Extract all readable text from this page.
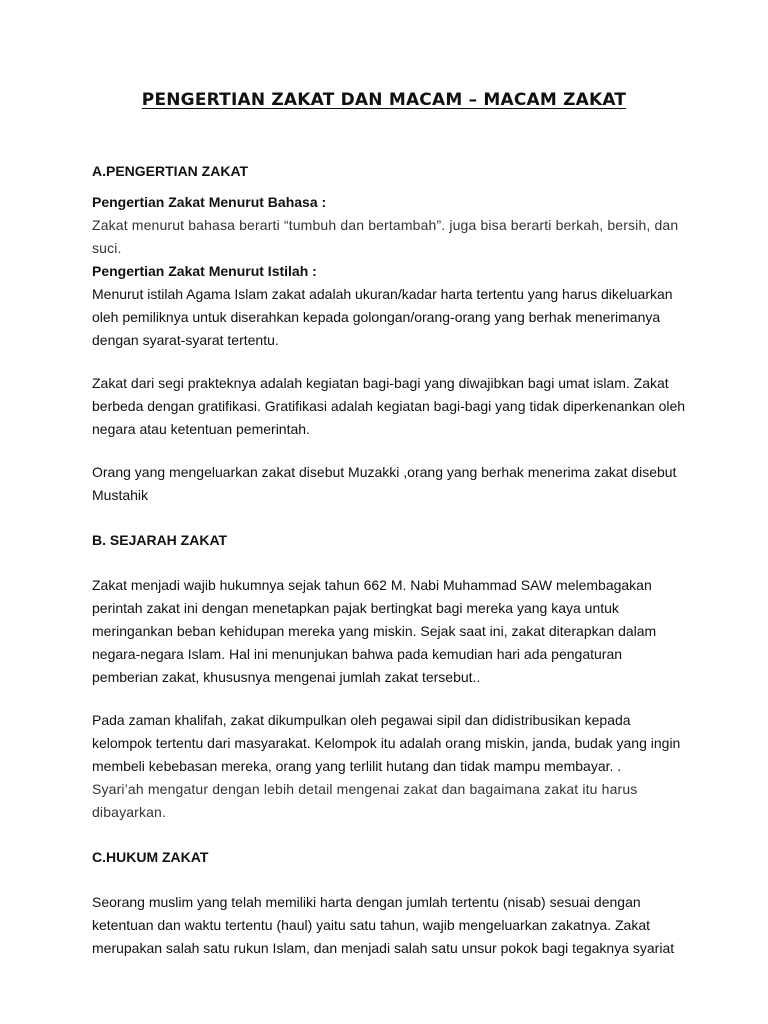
PENGERTIAN ZAKAT DAN MACAM – MACAM ZAKAT
A.PENGERTIAN ZAKAT

Pengertian Zakat Menurut Bahasa :

Zakat menurut bahasa berarti “tumbuh dan bertambah”. juga bisa berarti berkah, bersih, dan suci.

Pengertian Zakat Menurut Istilah :

Menurut istilah Agama Islam zakat adalah ukuran/kadar harta tertentu yang harus dikeluarkan oleh pemiliknya untuk diserahkan kepada golongan/orang-orang yang berhak menerimanya dengan syarat-syarat tertentu.

Zakat dari segi prakteknya adalah kegiatan bagi-bagi yang diwajibkan bagi umat islam. Zakat berbeda dengan gratifikasi. Gratifikasi adalah kegiatan bagi-bagi yang tidak diperkenankan oleh negara atau ketentuan pemerintah.

Orang yang mengeluarkan zakat disebut Muzakki ,orang yang berhak menerima zakat disebut Mustahik

B. SEJARAH ZAKAT

Zakat menjadi wajib hukumnya sejak tahun 662 M. Nabi Muhammad SAW melembagakan perintah zakat ini dengan menetapkan pajak bertingkat bagi mereka yang kaya untuk meringankan beban kehidupan mereka yang miskin. Sejak saat ini, zakat diterapkan dalam negara-negara Islam. Hal ini menunjukan bahwa pada kemudian hari ada pengaturan pemberian zakat, khususnya mengenai jumlah zakat tersebut..

Pada zaman khalifah, zakat dikumpulkan oleh pegawai sipil dan didistribusikan kepada kelompok tertentu dari masyarakat. Kelompok itu adalah orang miskin, janda, budak yang ingin membeli kebebasan mereka, orang yang terlilit hutang dan tidak mampu membayar. .

Syari’ah mengatur dengan lebih detail mengenai zakat dan bagaimana zakat itu harus dibayarkan.

C.HUKUM ZAKAT

Seorang muslim yang telah memiliki harta dengan jumlah tertentu (nisab) sesuai dengan ketentuan dan waktu tertentu (haul) yaitu satu tahun, wajib mengeluarkan zakatnya. Zakat merupakan salah satu rukun Islam, dan menjadi salah satu unsur pokok bagi tegaknya syariat
